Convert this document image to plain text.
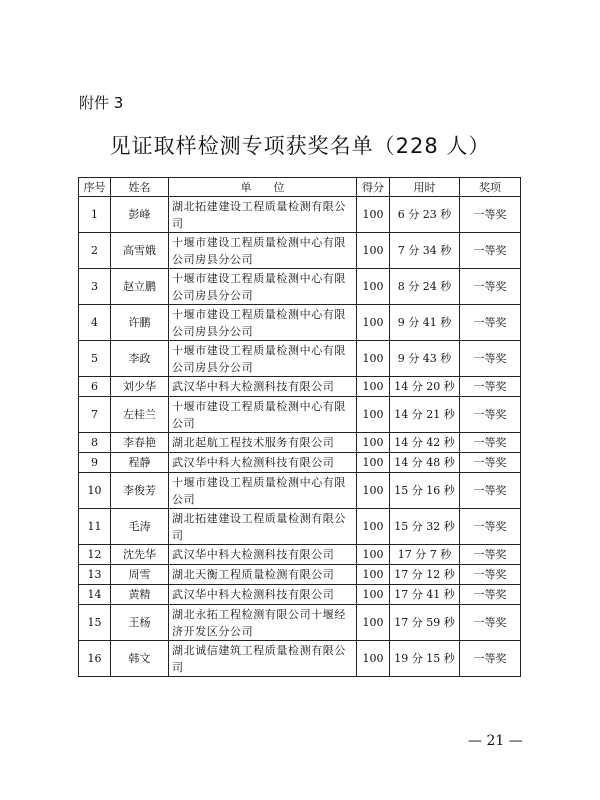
附件 3
见证取样检测专项获奖名单（228 人）
序号	姓名	单　　位	得分	用时	奖项
1	彭峰	湖北拓建建设工程质量检测有限公司	100	6 分 23 秒	一等奖
2	高雪娥	十堰市建设工程质量检测中心有限公司房县分公司	100	7 分 34 秒	一等奖
3	赵立鹏	十堰市建设工程质量检测中心有限公司房县分公司	100	8 分 24 秒	一等奖
4	许鹏	十堰市建设工程质量检测中心有限公司房县分公司	100	9 分 41 秒	一等奖
5	李政	十堰市建设工程质量检测中心有限公司房县分公司	100	9 分 43 秒	一等奖
6	刘少华	武汉华中科大检测科技有限公司	100	14 分 20 秒	一等奖
7	左桂兰	十堰市建设工程质量检测中心有限公司	100	14 分 21 秒	一等奖
8	李春艳	湖北起航工程技术服务有限公司	100	14 分 42 秒	一等奖
9	程静	武汉华中科大检测科技有限公司	100	14 分 48 秒	一等奖
10	李俊芳	十堰市建设工程质量检测中心有限公司	100	15 分 16 秒	一等奖
11	毛涛	湖北拓建建设工程质量检测有限公司	100	15 分 32 秒	一等奖
12	沈先华	武汉华中科大检测科技有限公司	100	17 分 7 秒	一等奖
13	周雪	湖北天衡工程质量检测有限公司	100	17 分 12 秒	一等奖
14	黄精	武汉华中科大检测科技有限公司	100	17 分 41 秒	一等奖
15	王杨	湖北永拓工程检测有限公司十堰经济开发区分公司	100	17 分 59 秒	一等奖
16	韩文	湖北诚信建筑工程质量检测有限公司	100	19 分 15 秒	一等奖
— 21 —
